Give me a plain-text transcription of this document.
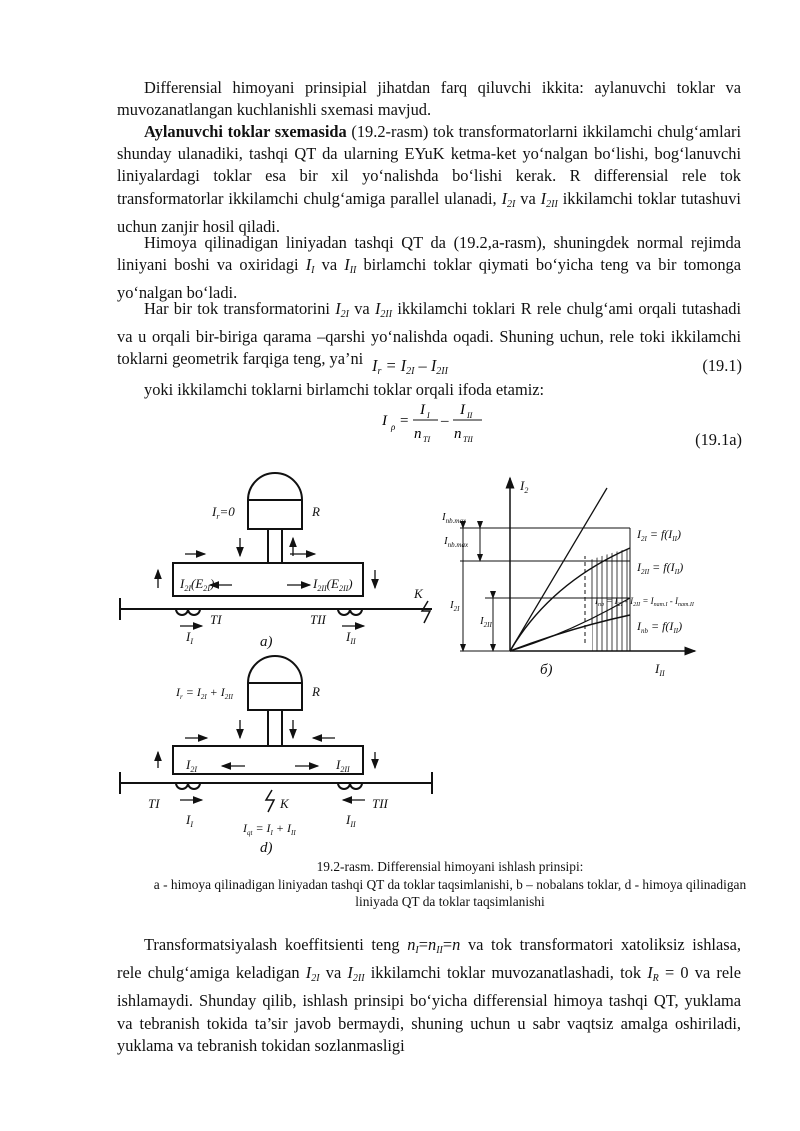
Differensial himoyani prinsipial jihatdan farq qiluvchi ikkita: aylanuvchi toklar va muvozanatlangan kuchlanishli sxemasi mavjud.

Aylanuvchi toklar sxemasida (19.2-rasm) tok transformatorlarni ikkilamchi chulg‘amlari shunday ulanadiki, tashqi QT da ularning EYuK ketma-ket yo‘nalgan bo‘lishi, bog‘lanuvchi liniyalardagi toklar esa bir xil yo‘nalishda bo‘lishi kerak. R differensial rele tok transformatorlar ikkilamchi chulg‘amiga parallel ulanadi, $I_{2I}$ va $I_{2II}$ ikkilamchi toklar tutashuvi uchun zanjir hosil qiladi.

Himoya qilinadigan liniyadan tashqi QT da (19.2,a-rasm), shuningdek normal rejimda liniyani boshi va oxiridagi $I_I$ va $I_{II}$ birlamchi toklar qiymati bo‘yicha teng va bir tomonga yo‘nalgan bo‘ladi.

Har bir tok transformatorini $I_{2I}$ va $I_{2II}$ ikkilamchi toklari R rele chulg‘ami orqali tutashadi va u orqali bir-biriga qarama –qarshi yo‘nalishda oqadi. Shuning uchun, rele toki ikkilamchi toklarni geometrik farqiga teng, ya’ni $I_r = I_{2I} - I_{2II}$	(19.1)

yoki ikkilamchi toklarni birlamchi toklar orqali ifoda etamiz:

I ρ =
I I
n TI
–
I II
n TII	(19.1a)
$I_r=0$	R
$I_{2I}(E_{2I})$	$I_{2II}(E_{2II})$
TI	TII
K
$I_I$	$I_{II}$
a)
$I_2$
$I_{II}$
$I_{nb.max}$
$I_{nb.max}$
$I_{2I}$
$I_{2II}$
$I_{2I} = f(I_{II})$
$I_{2II} = f(I_{II})$
$I_{nb} = I_{2I} - I_{2II} = I_{nam.I} - I_{nam.II}$
$I_{nb} = f(I_{II})$
б)
$I_r = I_{2I} + I_{2II}$	R
$I_{2I}$	$I_{2II}$
TI	TII
K
$I_I$	$I_{II}$
$I_{qt} = I_I + I_{II}$
d)
19.2-rasm. Differensial himoyani ishlash prinsipi:
a - himoya qilinadigan liniyadan tashqi QT da toklar taqsimlanishi, b – nobalans toklar, d - himoya qilinadigan liniyada QT da toklar taqsimlanishi

Transformatsiyalash koeffitsienti teng $n_I=n_{II}=n$ va tok transformatori xatoliksiz ishlasa, rele chulg‘amiga keladigan $I_{2I}$ va $I_{2II}$ ikkilamchi toklar muvozanatlashadi, tok $I_R = 0$ va rele ishlamaydi. Shunday qilib, ishlash prinsipi bo‘yicha differensial himoya tashqi QT, yuklama va tebranish tokida ta’sir javob bermaydi, shuning uchun u sabr vaqtsiz amalga oshiriladi, yuklama va tebranish tokidan sozlanmasligi
